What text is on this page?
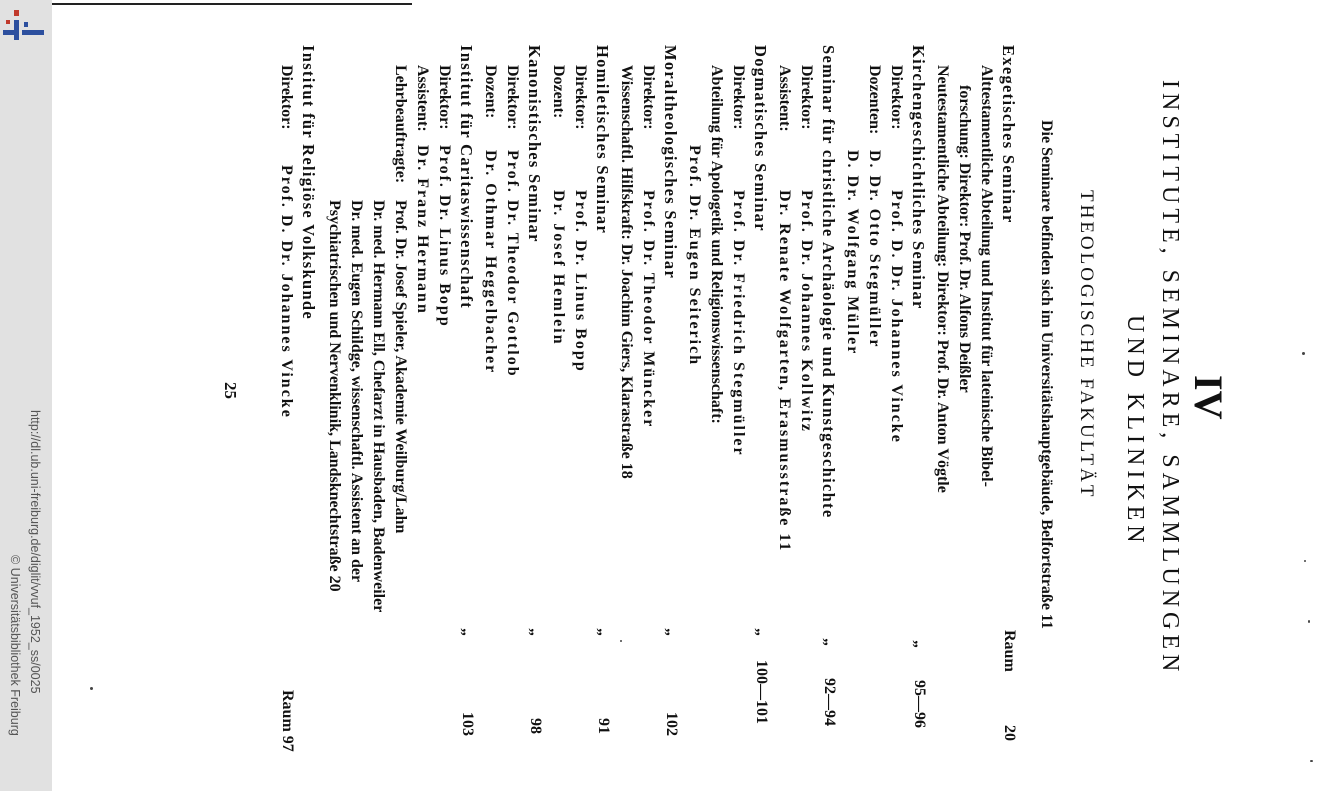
http://dl.ub.uni-freiburg.de/diglit/vvuf_1952_ss/0025
© Universitätsbibliothek Freiburg
IV
INSTITUTE, SEMINARE, SAMMLUNGEN
UND KLINIKEN
THEOLOGISCHE FAKULTÄT
Die Seminare befinden sich im Universitätshauptgebäude, Belfortstraße 11
Exegetisches Seminar
Raum
20
Alttestamentliche Abteilung und Institut für lateinische Bibel-
forschung: Direktor: Prof. Dr. Alfons Deißler
Neutestamentliche Abteilung: Direktor: Prof. Dr. Anton Vögtle
Kirchengeschichtliches Seminar
„
95—96
Direktor:
Prof. D. Dr. Johannes Vincke
Dozenten:
D. Dr. Otto Stegmüller
D. Dr. Wolfgang Müller
Seminar für christliche Archäologie und Kunstgeschichte
„
92—94
Direktor:
Prof. Dr. Johannes Kollwitz
Assistent:
Dr. Renate Wolfgarten, Erasmusstraße 11
Dogmatisches Seminar
„
100—101
Direktor:
Prof. Dr. Friedrich Stegmüller
Abteilung für Apologetik und Religionswissenschaft:
Prof. Dr. Eugen Seiterich
Moraltheologisches Seminar
„
102
Direktor:
Prof. Dr. Theodor Müncker
Wissenschaftl. Hilfskraft: Dr. Joachim Giers, Klarastraße 18
Homiletisches Seminar
„
91
Direktor:
Prof. Dr. Linus Bopp
Dozent:
Dr. Josef Hemlein
Kanonistisches Seminar
„
98
Direktor:
Prof. Dr. Theodor Gottlob
Dozent:
Dr. Othmar Heggelbacher
Institut für Caritaswissenschaft
„
103
Direktor:
Prof. Dr. Linus Bopp
Assistent:
Dr. Franz Hermann
Lehrbeauftragte:
Prof. Dr. Josef Spieler, Akademie Weilburg/Lahn
Dr. med. Hermann Ell, Chefarzt in Hausbaden, Badenweiler
Dr. med. Eugen Schildge, wissenschaftl. Assistent an der
Psychiatrischen und Nervenklinik, Landsknechtstraße 20
Institut für Religiöse Volkskunde
Direktor:
Prof. D. Dr. Johannes Vincke
Raum 97
25
